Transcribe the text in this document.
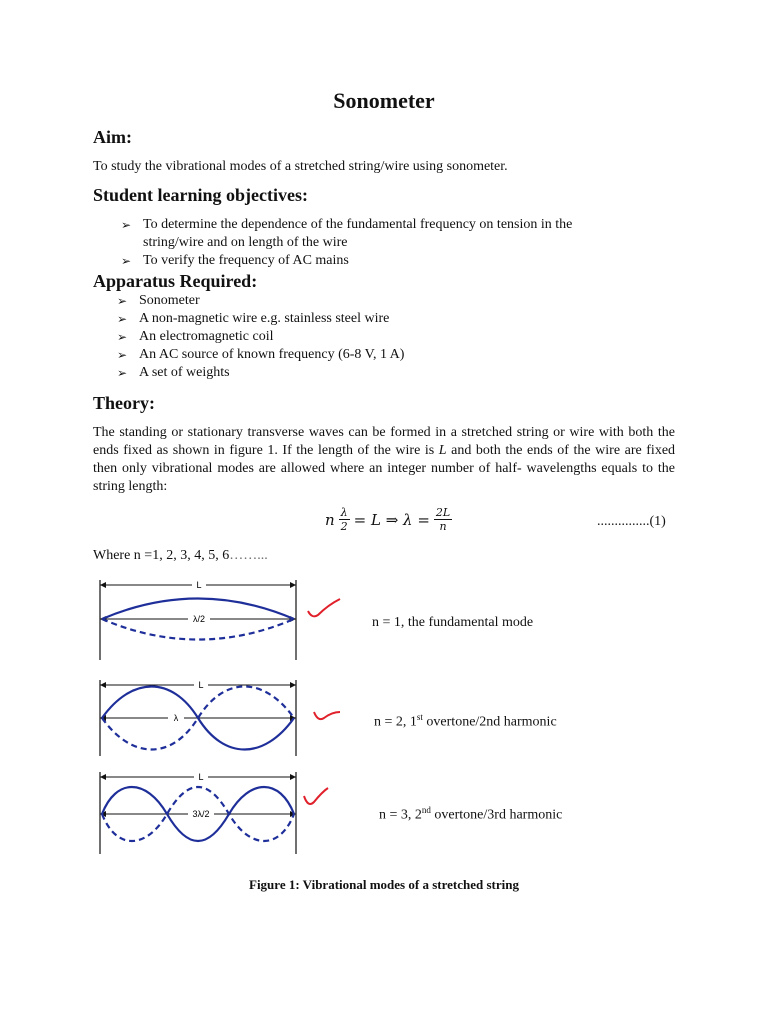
Sonometer
Aim:
To study the vibrational modes of a stretched string/wire using sonometer.
Student learning objectives:
➢ To determine the dependence of the fundamental frequency on tension in the
string/wire and on length of the wire
➢ To verify the frequency of AC mains
Apparatus Required:
➢ Sonometer
➢ A non-magnetic wire e.g. stainless steel wire
➢ An electromagnetic coil
➢ An AC source of known frequency (6-8 V, 1 A)
➢ A set of weights
Theory:
The standing or stationary transverse waves can be formed in a stretched string or wire with both the ends fixed as shown in figure 1. If the length of the wire is L and both the ends of the wire are fixed then only vibrational modes are allowed where an integer number of half- wavelengths equals to the string length:
n $\frac{\lambda}{2} = L$ ⇒ $\lambda = \frac{2L}{n}$	...............(1)
Where n =1, 2, 3, 4, 5, 6……...
L
λ/2	n = 1, the fundamental mode
L
λ	n = 2, 1st overtone/2nd harmonic
L
3λ/2	n = 3, 2nd overtone/3rd harmonic
Figure 1: Vibrational modes of a stretched string
